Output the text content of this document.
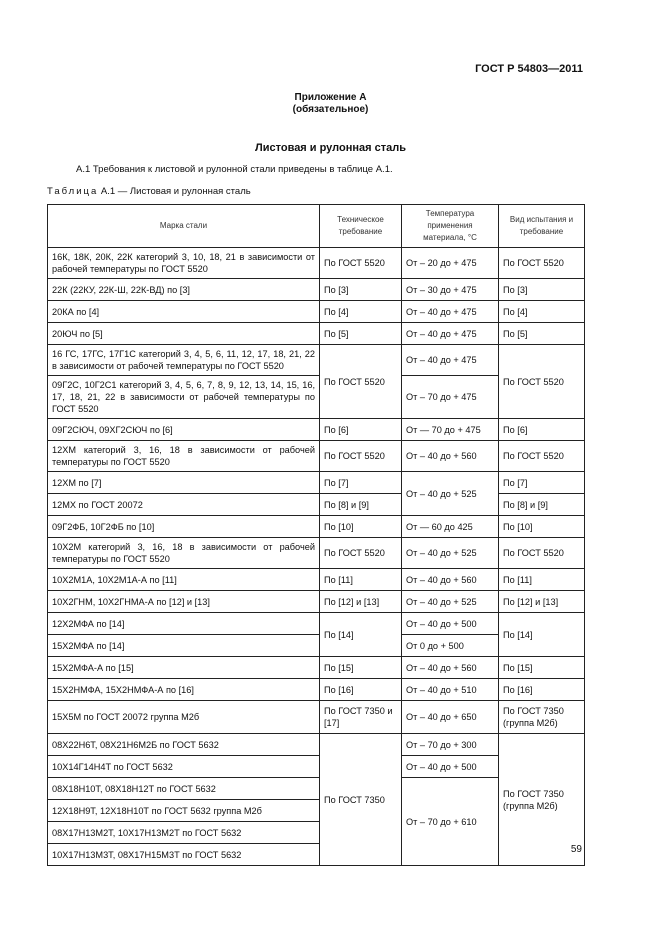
ГОСТ Р 54803—2011
Приложение А
(обязательное)
Листовая и рулонная сталь
А.1 Требования к листовой и рулонной стали приведены в таблице А.1.
Таблица А.1 — Листовая и рулонная сталь
Марка стали	Техническое требование	Температура применения материала, °С	Вид испытания и требование
16К, 18К, 20К, 22К категорий 3, 10, 18, 21 в зависимости от рабочей температуры по ГОСТ 5520	По ГОСТ 5520	От – 20 до + 475	По ГОСТ 5520
22К (22КУ, 22К-Ш, 22К-ВД) по [3]	По [3]	От – 30 до + 475	По [3]
20КА по [4]	По [4]	От – 40 до + 475	По [4]
20ЮЧ по [5]	По [5]	От – 40 до + 475	По [5]
16 ГС, 17ГС, 17Г1С категорий 3, 4, 5, 6, 11, 12, 17, 18, 21, 22 в зависимости от рабочей температуры по ГОСТ 5520	По ГОСТ 5520	От – 40 до + 475	По ГОСТ 5520
09Г2С, 10Г2С1 категорий 3, 4, 5, 6, 7, 8, 9, 12, 13, 14, 15, 16, 17, 18, 21, 22 в зависимости от рабочей температуры по ГОСТ 5520		От – 70 до + 475	
09Г2СЮЧ, 09ХГ2СЮЧ по [6]	По [6]	От — 70 до + 475	По [6]
12ХМ категорий 3, 16, 18 в зависимости от рабочей температуры по ГОСТ 5520	По ГОСТ 5520	От – 40 до + 560	По ГОСТ 5520
12ХМ по [7]	По [7]	От – 40 до + 525	По [7]
12МХ по ГОСТ 20072	По [8] и [9]		По [8] и [9]
09Г2ФБ, 10Г2ФБ по [10]	По [10]	От — 60 до 425	По [10]
10Х2М категорий 3, 16, 18 в зависимости от рабочей температуры по ГОСТ 5520	По ГОСТ 5520	От – 40 до + 525	По ГОСТ 5520
10Х2М1А, 10Х2М1А-А по [11]	По [11]	От – 40 до + 560	По [11]
10Х2ГНМ, 10Х2ГНМА-А по [12] и [13]	По [12] и [13]	От – 40 до + 525	По [12] и [13]
12Х2МФА по [14]	По [14]	От – 40 до + 500	По [14]
15Х2МФА по [14]		От 0 до + 500	
15Х2МФА-А по [15]	По [15]	От – 40 до + 560	По [15]
15Х2НМФА, 15Х2НМФА-А по [16]	По [16]	От – 40 до + 510	По [16]
15Х5М по ГОСТ 20072 группа М2б	По ГОСТ 7350 и [17]	От – 40 до + 650	По ГОСТ 7350 (группа М2б)
08Х22Н6Т, 08Х21Н6М2Б по ГОСТ 5632	По ГОСТ 7350	От – 70 до + 300	По ГОСТ 7350 (группа М2б)
10Х14Г14Н4Т по ГОСТ 5632		От – 40 до + 500	
08Х18Н10Т, 08Х18Н12Т по ГОСТ 5632		От – 70 до + 610	
12Х18Н9Т, 12Х18Н10Т по ГОСТ 5632 группа М2б			
08Х17Н13М2Т, 10Х17Н13М2Т по ГОСТ 5632			
10Х17Н13М3Т, 08Х17Н15М3Т по ГОСТ 5632				59
